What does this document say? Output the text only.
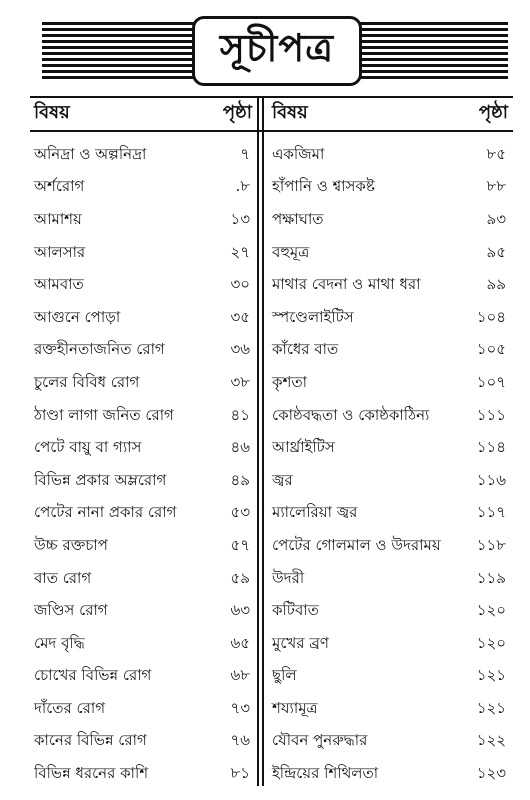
সূচীপত্র
বিষয়	পৃষ্ঠা
অনিদ্রা ও অল্পনিদ্রা	৭
অর্শরোগ	.৮
আমাশয়	১৩
আলসার	২৭
আমবাত	৩০
আগুনে পোড়া	৩৫
রক্তহীনতাজনিত রোগ	৩৬
চুলের বিবিধ রোগ	৩৮
ঠাণ্ডা লাগা জনিত রোগ	৪১
পেটে বায়ু বা গ্যাস	৪৬
বিভিন্ন প্রকার অম্লরোগ	৪৯
পেটের নানা প্রকার রোগ	৫৩
উচ্চ রক্তচাপ	৫৭
বাত রোগ	৫৯
জণ্ডিস রোগ	৬৩
মেদ বৃদ্ধি	৬৫
চোখের বিভিন্ন রোগ	৬৮
দাঁতের রোগ	৭৩
কানের বিভিন্ন রোগ	৭৬
বিভিন্ন ধরনের কাশি	৮১
বিষয়	পৃষ্ঠা
একজিমা	৮৫
হাঁপানি ও শ্বাসকষ্ট	৮৮
পক্ষাঘাত	৯৩
বহুমূত্র	৯৫
মাথার বেদনা ও মাথা ধরা	৯৯
স্পণ্ডেলাইটিস	১০৪
কাঁধের বাত	১০৫
কৃশতা	১০৭
কোষ্ঠবদ্ধতা ও কোষ্ঠকাঠিন্য	১১১
আর্থ্রাইটিস	১১৪
জ্বর	১১৬
ম্যালেরিয়া জ্বর	১১৭
পেটের গোলমাল ও উদরাময় ১১৮
উদরী	১১৯
কটিবাত	১২০
মুখের ব্রণ	১২০
ছুলি	১২১
শয্যামূত্র	১২১
যৌবন পুনরুদ্ধার	১২২
ইন্দ্রিয়ের শিথিলতা	১২৩
